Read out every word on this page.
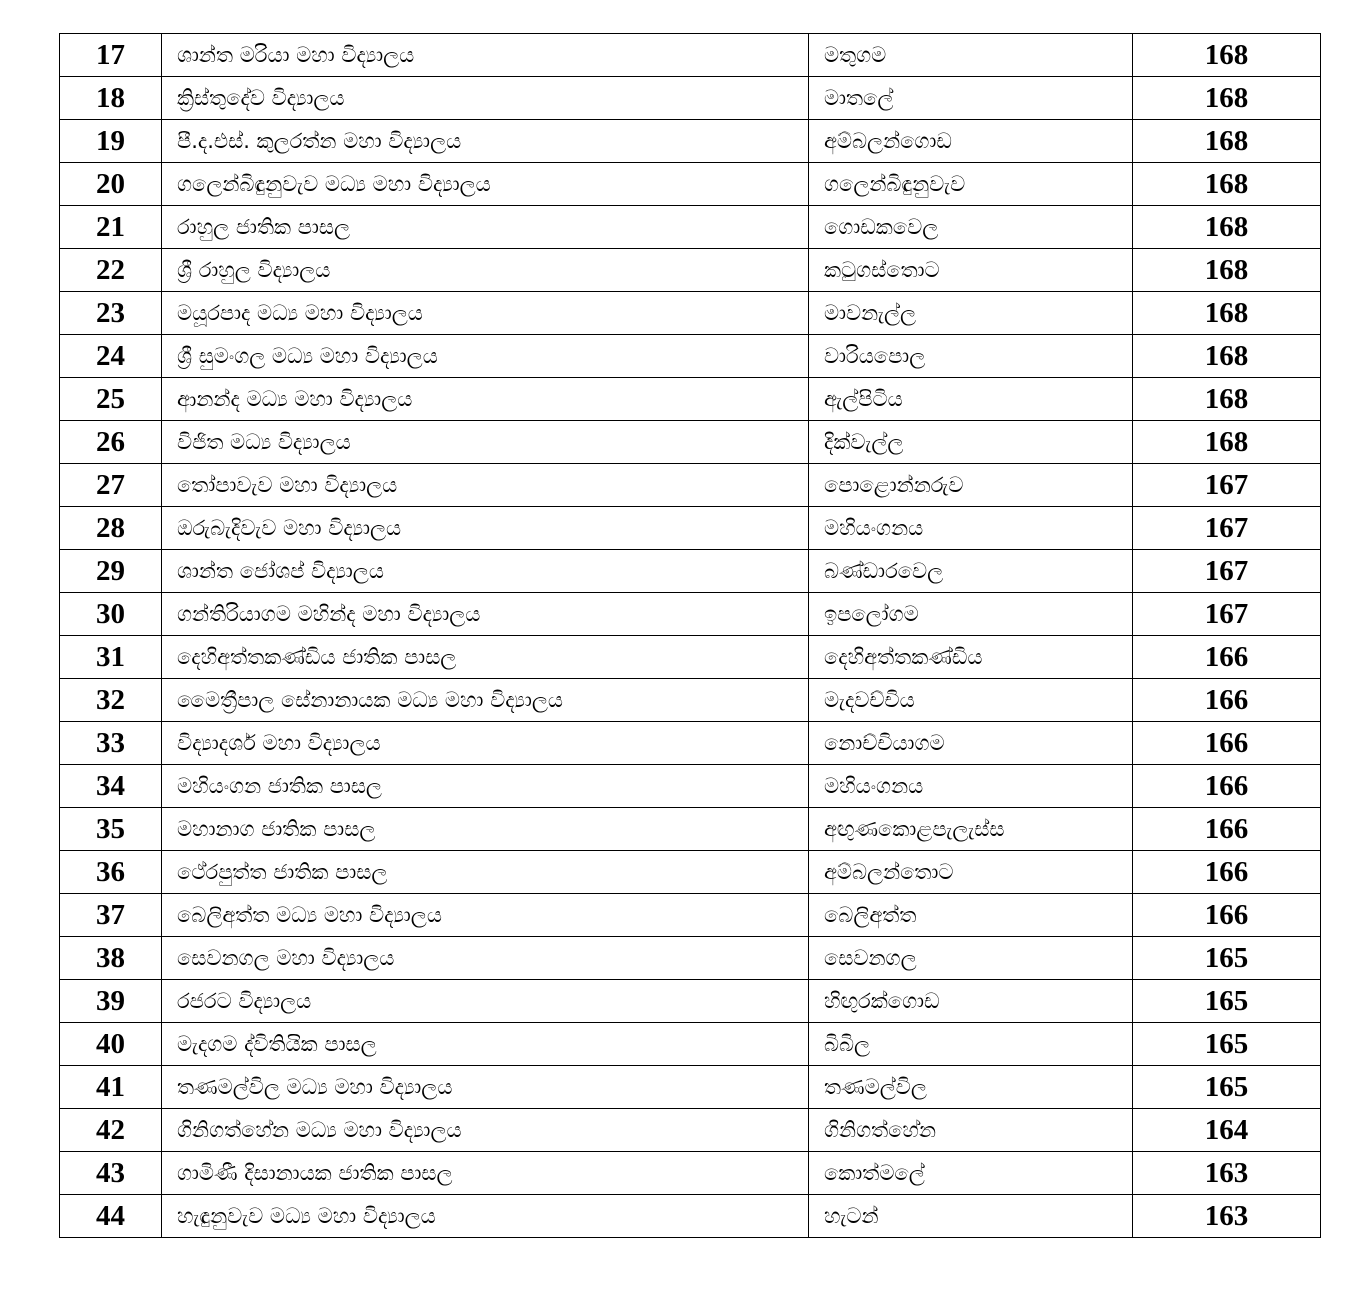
17	ශාන්ත මරියා මහා විද්‍යාලය	මතුගම	168
18	ක්‍රිස්තුදේව විද්‍යාලය	මාතලේ	168
19	පී.ද.එස්. කුලරත්න මහා විද්‍යාලය	අම්බලන්ගොඩ	168
20	ගලෙන්බිඳුනුවැව මධ්‍ය මහා විද්‍යාලය	ගලෙන්බිඳුනුවැව	168
21	රාහුල ජාතික පාසල	ගොඩකවෙල	168
22	ශ්‍රී රාහුල විද්‍යාලය	කටුගස්තොට	168
23	මයූරපාද මධ්‍ය මහා විද්‍යාලය	මාවනැල්ල	168
24	ශ්‍රී සුමංගල මධ්‍ය මහා විද්‍යාලය	වාරියපොල	168
25	ආනන්ද මධ්‍ය මහා විද්‍යාලය	ඇල්පිටිය	168
26	විජිත මධ්‍ය විද්‍යාලය	දික්වැල්ල	168
27	තෝපාවැව මහා විද්‍යාලය	පොළොන්නරුව	167
28	ඔරුබැදිවැව මහා විද්‍යාලය	මහියංගනය	167
29	ශාන්ත ජෝශප් විද්‍යාලය	බණ්ඩාරවෙල	167
30	ගන්තිරියාගම මහින්ද මහා විද්‍යාලය	ඉපලෝගම	167
31	දෙහිඅත්තකණ්ඩිය ජාතික පාසල	දෙහිඅත්තකණ්ඩිය	166
32	මෛත්‍රීපාල සේනානායක මධ්‍ය මහා විද්‍යාලය	මැදවච්චිය	166
33	විද්‍යාදර්ශ මහා විද්‍යාලය	නොච්චියාගම	166
34	මහියංගන ජාතික පාසල	මහියංගනය	166
35	මහානාග ජාතික පාසල	අඟුණකොළපැලැස්ස	166
36	ථේරපුත්ත ජාතික පාසල	අම්බලන්තොට	166
37	බෙලිඅත්ත මධ්‍ය මහා විද්‍යාලය	බෙලිඅත්ත	166
38	සෙවනගල මහා විද්‍යාලය	සෙවනගල	165
39	රජරට විද්‍යාලය	හිඟුරක්ගොඩ	165
40	මැදගම ද්විතියික පාසල	බිබිල	165
41	තණමල්විල මධ්‍ය මහා විද්‍යාලය	තණමල්විල	165
42	ගිනිගත්හේන මධ්‍ය මහා විද්‍යාලය	ගිනිගත්හේන	164
43	ගාමිණී දිසානායක ජාතික පාසල	කොත්මලේ	163
44	හැඳුනුවැව මධ්‍ය මහා විද්‍යාලය	හැටන්	163
